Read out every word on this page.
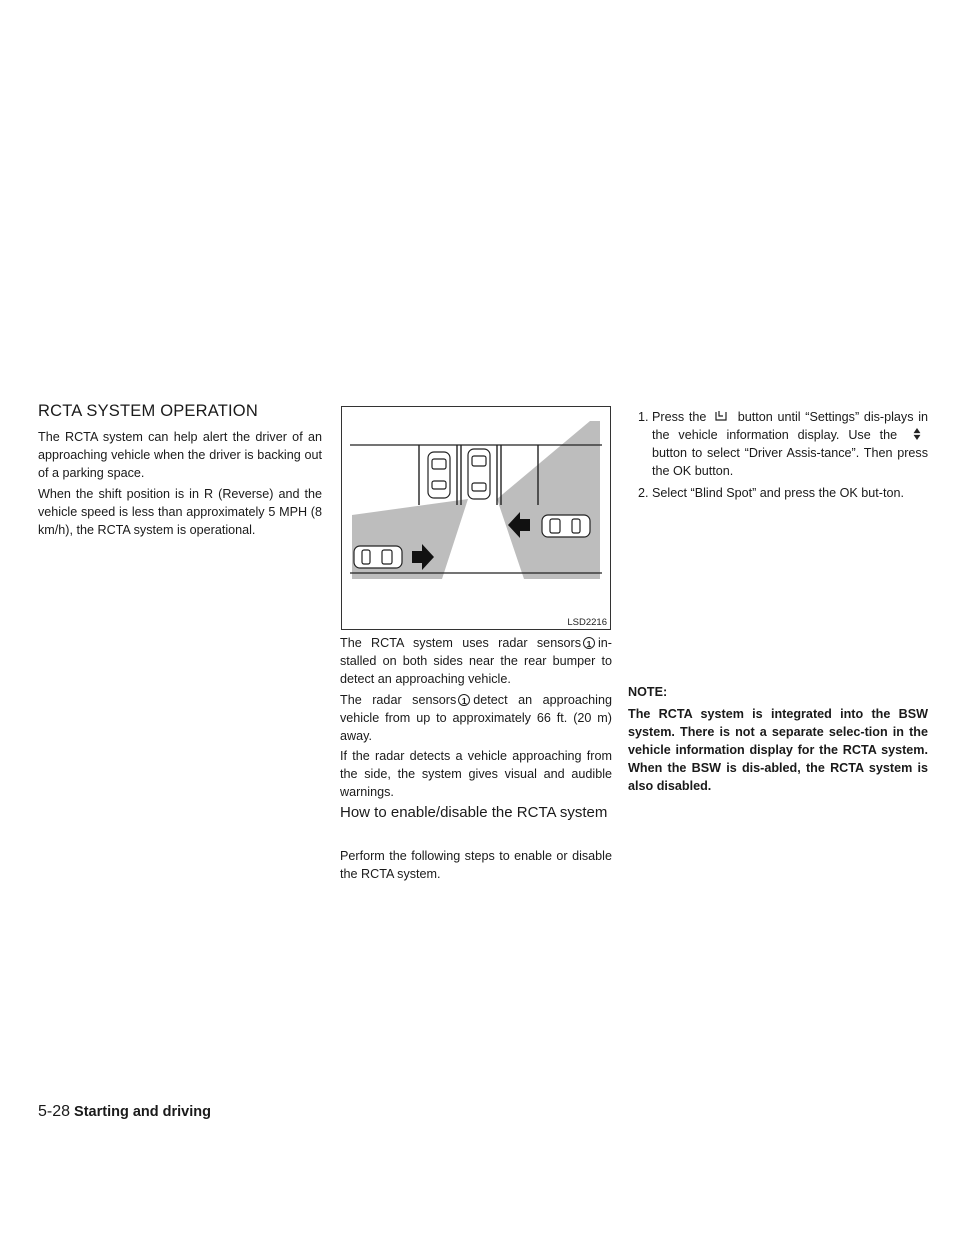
RCTA SYSTEM OPERATION

The RCTA system can help alert the driver of an approaching vehicle when the driver is backing out of a parking space.

When the shift position is in R (Reverse) and the vehicle speed is less than approximately 5 MPH (8 km/h), the RCTA system is operational.

LSD2216

The RCTA system uses radar sensors 1 in-stalled on both sides near the rear bumper to detect an approaching vehicle.

The radar sensors 1 detect an approaching vehicle from up to approximately 66 ft. (20 m) away.

If the radar detects a vehicle approaching from the side, the system gives visual and audible warnings.

How to enable/disable the RCTA system

Perform the following steps to enable or disable the RCTA system.

1. Press the button until “Settings” dis-plays in the vehicle information display. Use the  button to select “Driver Assis-tance”. Then press the OK button.
2. Select “Blind Spot” and press the OK but-ton.
NOTE:
The RCTA system is integrated into the BSW system. There is not a separate selec-tion in the vehicle information display for the RCTA system. When the BSW is dis-abled, the RCTA system is also disabled.
5-28 Starting and driving
